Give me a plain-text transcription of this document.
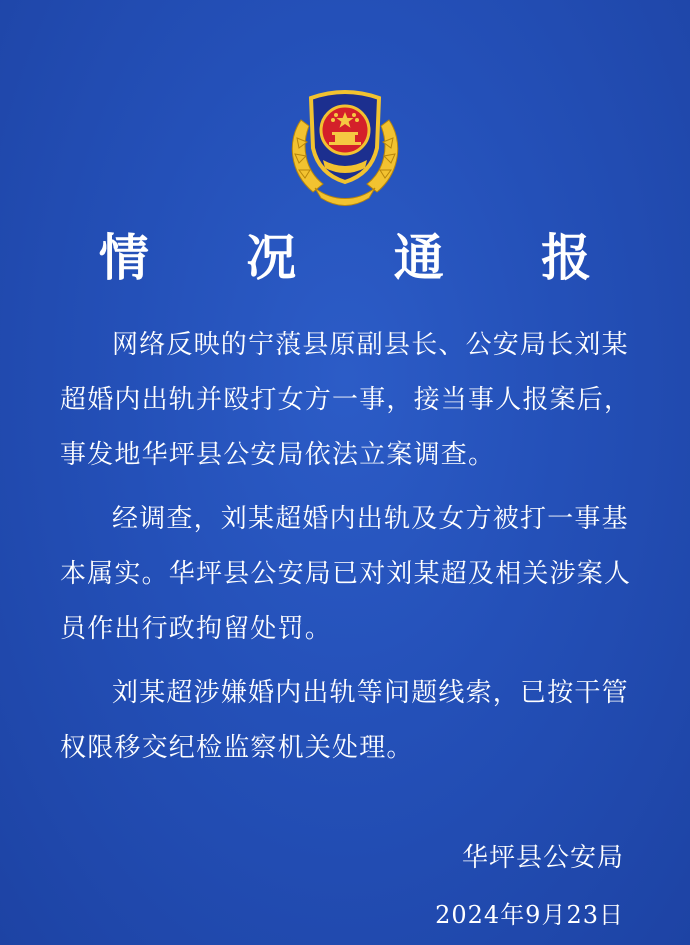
情 况 通 报

网络反映的宁蒗县原副县长、公安局长刘某超婚内出轨并殴打女方一事，接当事人报案后，事发地华坪县公安局依法立案调查。

经调查，刘某超婚内出轨及女方被打一事基本属实。华坪县公安局已对刘某超及相关涉案人员作出行政拘留处罚。

刘某超涉嫌婚内出轨等问题线索，已按干管权限移交纪检监察机关处理。

华坪县公安局
2024年9月23日
